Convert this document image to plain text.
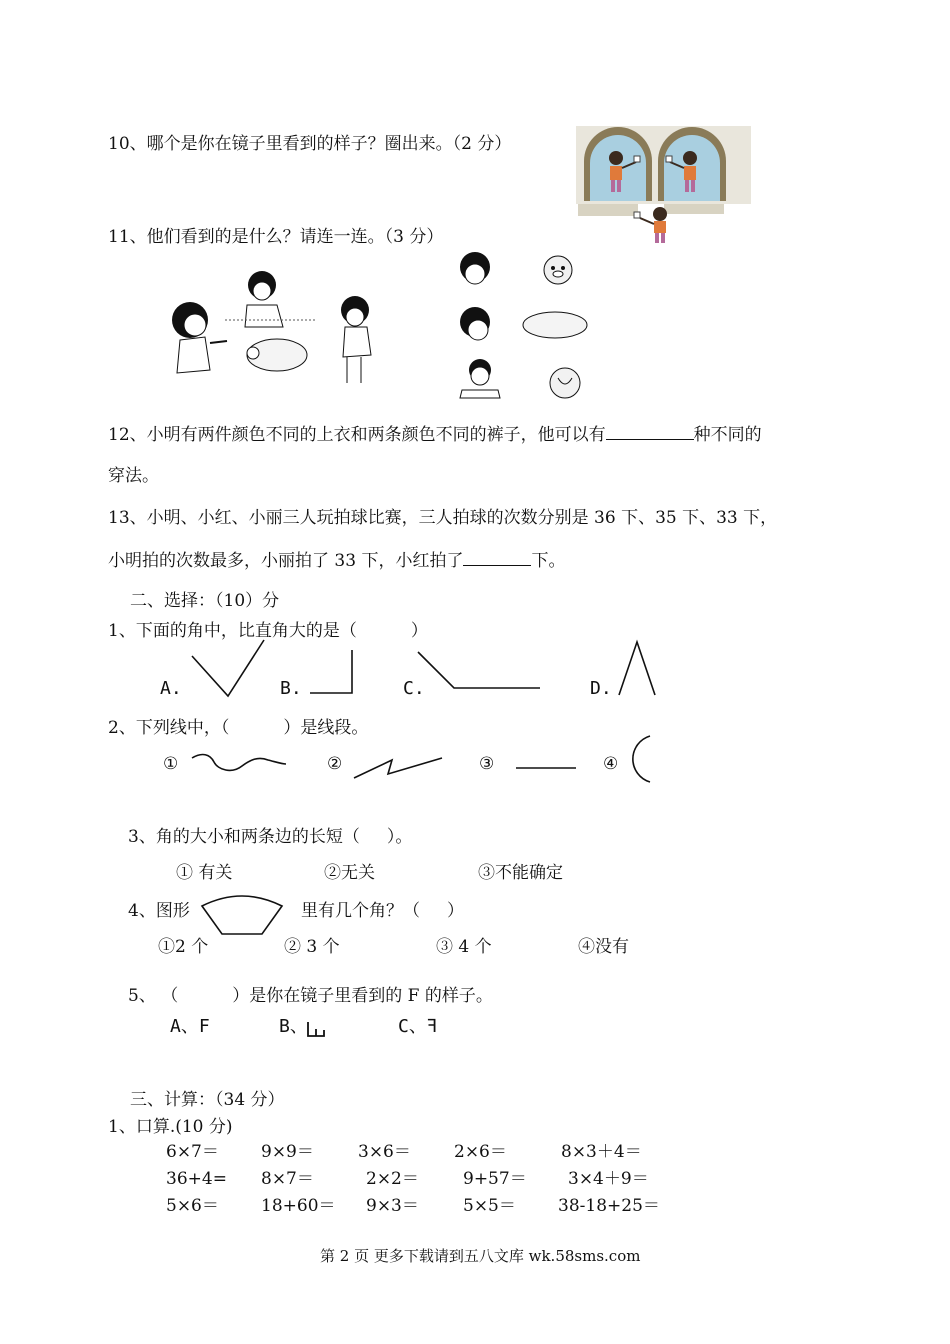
10、哪个是你在镜子里看到的样子？圈出来。（2 分）
11、他们看到的是什么？请连一连。（3 分）
12、小明有两件颜色不同的上衣和两条颜色不同的裤子，他可以有	种不同的
穿法。
13、小明、小红、小丽三人玩拍球比赛，三人拍球的次数分别是 36 下、35 下、33 下，
小明拍的次数最多，小丽拍了 33 下，小红拍了	下。
二、选择：（10）分
1、下面的角中，比直角大的是（          ）
A.	B.	C.	D.
2、下列线中，（          ）是线段。
①	②	③	④
3、角的大小和两条边的长短（     ）。
① 有关	②无关	③不能确定
4、图形	里有几个角？（     ）
①2 个	② 3 个	③ 4 个	④没有
5、 （          ）是你在镜子里看到的 F 的样子。
A、F	B、	C、ꟻ
三、计算：（34 分）
1、口算.(10 分)
6×7＝ 9×9＝	3×6＝	2×6＝	8×3＋4＝
36+4= 8×7＝	2×2＝	9+57＝ 3×4＋9＝
5×6＝ 18+60＝ 9×3＝	5×5＝ 38-18+25＝
第 2 页 更多下载请到五八文库 wk.58sms.com
